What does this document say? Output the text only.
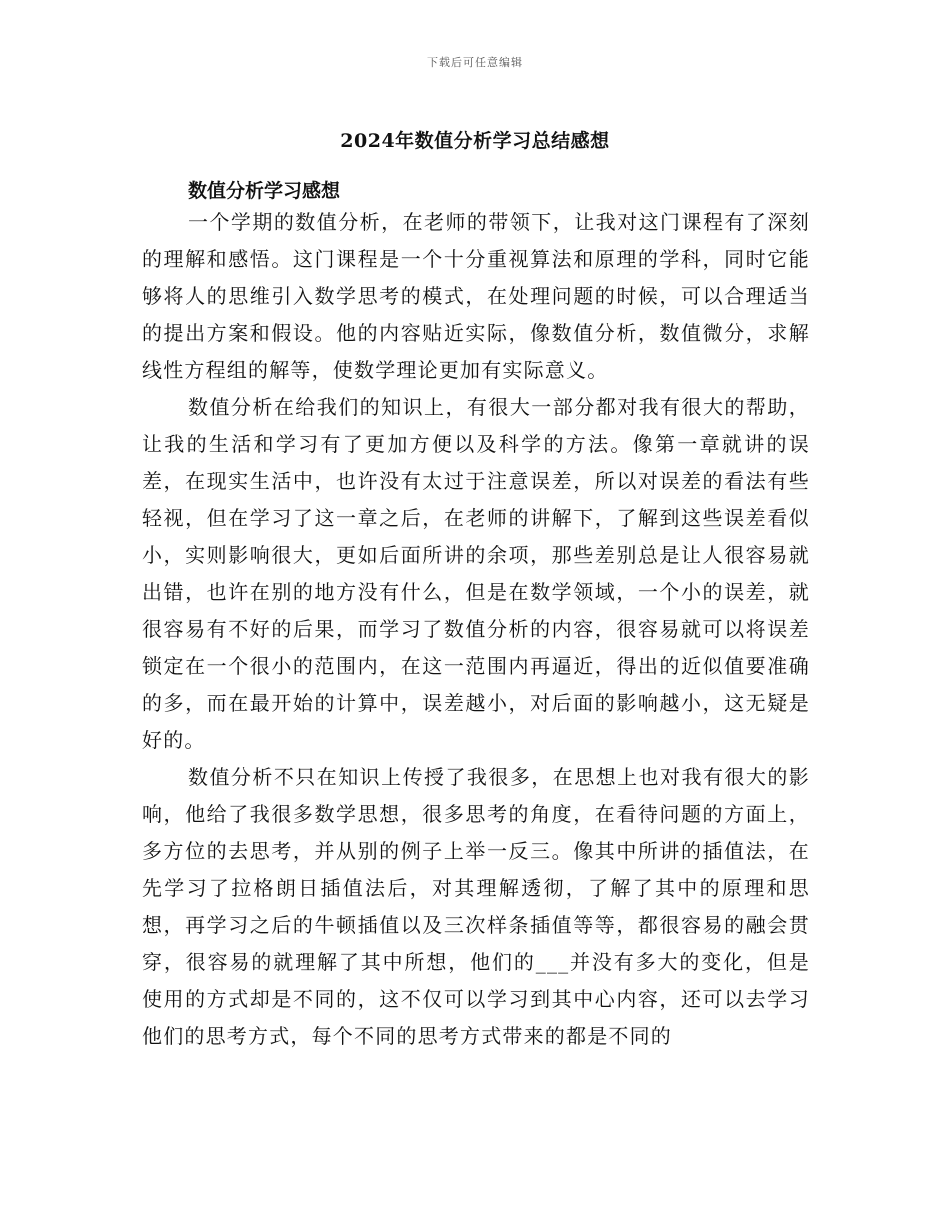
下载后可任意编辑
2024年数值分析学习总结感想
数值分析学习感想

一个学期的数值分析，在老师的带领下，让我对这门课程有了深刻的理解和感悟。这门课程是一个十分重视算法和原理的学科，同时它能够将人的思维引入数学思考的模式，在处理问题的时候，可以合理适当的提出方案和假设。他的内容贴近实际，像数值分析，数值微分，求解线性方程组的解等，使数学理论更加有实际意义。

数值分析在给我们的知识上，有很大一部分都对我有很大的帮助，让我的生活和学习有了更加方便以及科学的方法。像第一章就讲的误差，在现实生活中，也许没有太过于注意误差，所以对误差的看法有些轻视，但在学习了这一章之后，在老师的讲解下，了解到这些误差看似小，实则影响很大，更如后面所讲的余项，那些差别总是让人很容易就出错，也许在别的地方没有什么，但是在数学领域，一个小的误差，就很容易有不好的后果，而学习了数值分析的内容，很容易就可以将误差锁定在一个很小的范围内，在这一范围内再逼近，得出的近似值要准确的多，而在最开始的计算中，误差越小，对后面的影响越小，这无疑是好的。

数值分析不只在知识上传授了我很多，在思想上也对我有很大的影响，他给了我很多数学思想，很多思考的角度，在看待问题的方面上，多方位的去思考，并从别的例子上举一反三。像其中所讲的插值法，在先学习了拉格朗日插值法后，对其理解透彻，了解了其中的原理和思想，再学习之后的牛顿插值以及三次样条插值等等，都很容易的融会贯穿，很容易的就理解了其中所想，他们的___并没有多大的变化，但是使用的方式却是不同的，这不仅可以学习到其中心内容，还可以去学习他们的思考方式，每个不同的思考方式带来的都是不同的
